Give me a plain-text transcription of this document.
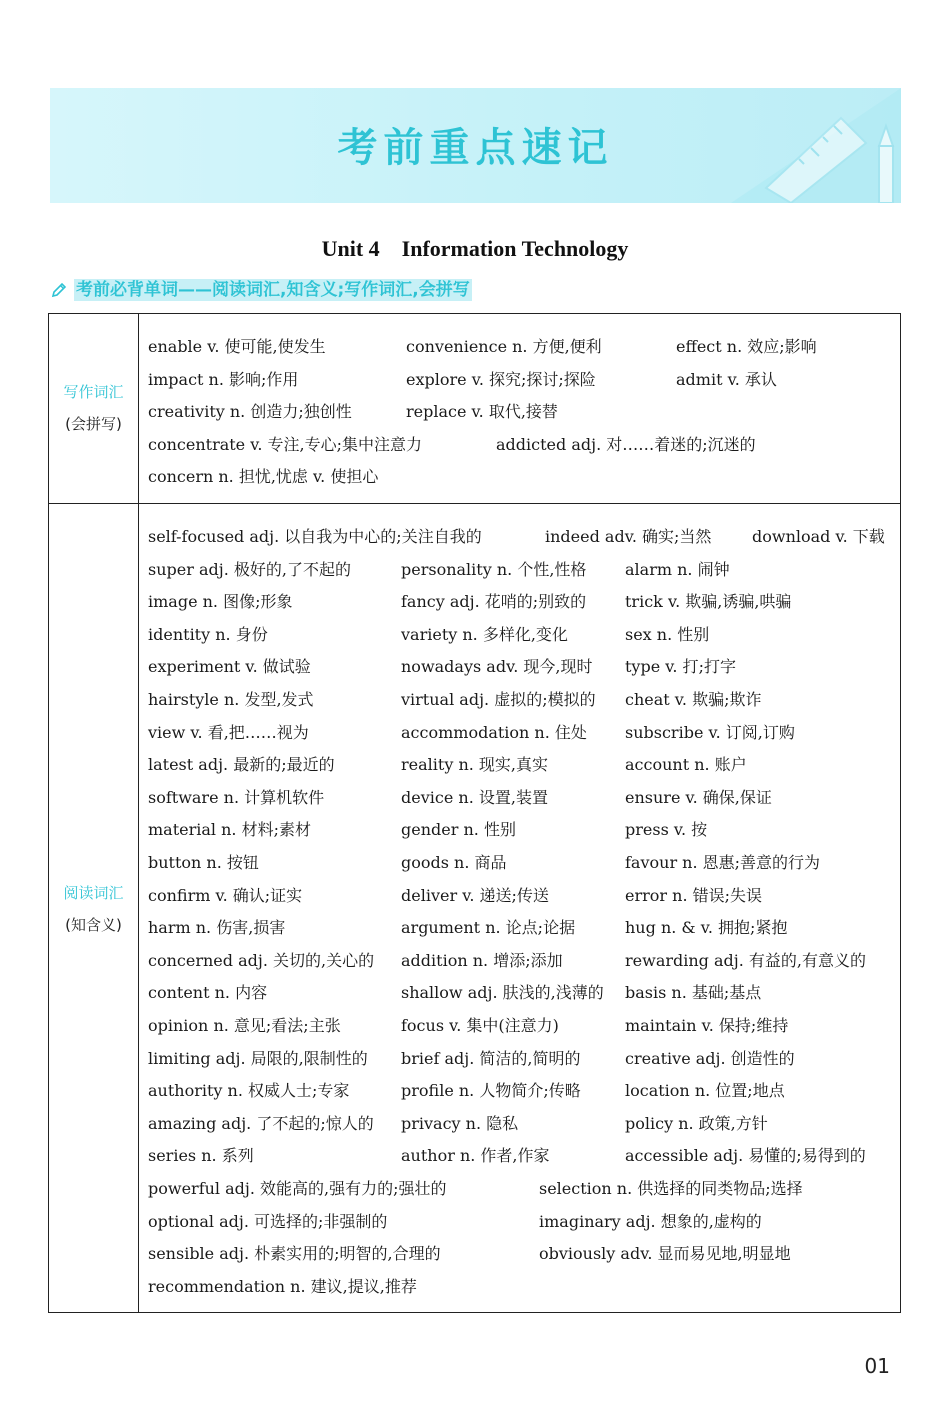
考前重点速记
Unit 4 Information Technology
考前必背单词——阅读词汇,知含义;写作词汇,会拼写
写作词汇
(会拼写)
阅读词汇
(知含义)
enable v. 使可能,使发生	convenience n. 方便,便利	effect n. 效应;影响
impact n. 影响;作用	explore v. 探究;探讨;探险	admit v. 承认
creativity n. 创造力;独创性	replace v. 取代,接替
concentrate v. 专注,专心;集中注意力	addicted adj. 对……着迷的;沉迷的
concern n. 担忧,忧虑 v. 使担心
self-focused adj. 以自我为中心的;关注自我的	indeed adv. 确实;当然	download v. 下载
super adj. 极好的,了不起的	personality n. 个性,性格 alarm n. 闹钟
image n. 图像;形象	fancy adj. 花哨的;别致的 trick v. 欺骗,诱骗,哄骗
identity n. 身份	variety n. 多样化,变化	sex n. 性别
experiment v. 做试验	nowadays adv. 现今,现时 type v. 打;打字
hairstyle n. 发型,发式	virtual adj. 虚拟的;模拟的 cheat v. 欺骗;欺诈
view v. 看,把……视为	accommodation n. 住处 subscribe v. 订阅,订购
latest adj. 最新的;最近的	reality n. 现实,真实	account n. 账户
software n. 计算机软件	device n. 设置,装置	ensure v. 确保,保证
material n. 材料;素材	gender n. 性别	press v. 按
button n. 按钮	goods n. 商品	favour n. 恩惠;善意的行为
confirm v. 确认;证实	deliver v. 递送;传送	error n. 错误;失误
harm n. 伤害,损害	argument n. 论点;论据	hug n. & v. 拥抱;紧抱
concerned adj. 关切的,关心的 addition n. 增添;添加	rewarding adj. 有益的,有意义的
content n. 内容	shallow adj. 肤浅的,浅薄的 basis n. 基础;基点
opinion n. 意见;看法;主张	focus v. 集中(注意力)	maintain v. 保持;维持
limiting adj. 局限的,限制性的 brief adj. 简洁的,简明的	creative adj. 创造性的
authority n. 权威人士;专家	profile n. 人物简介;传略	location n. 位置;地点
amazing adj. 了不起的;惊人的 privacy n. 隐私	policy n. 政策,方针
series n. 系列	author n. 作者,作家	accessible adj. 易懂的;易得到的
powerful adj. 效能高的,强有力的;强壮的	selection n. 供选择的同类物品;选择
optional adj. 可选择的;非强制的	imaginary adj. 想象的,虚构的
sensible adj. 朴素实用的;明智的,合理的	obviously adv. 显而易见地,明显地
recommendation n. 建议,提议,推荐
01
